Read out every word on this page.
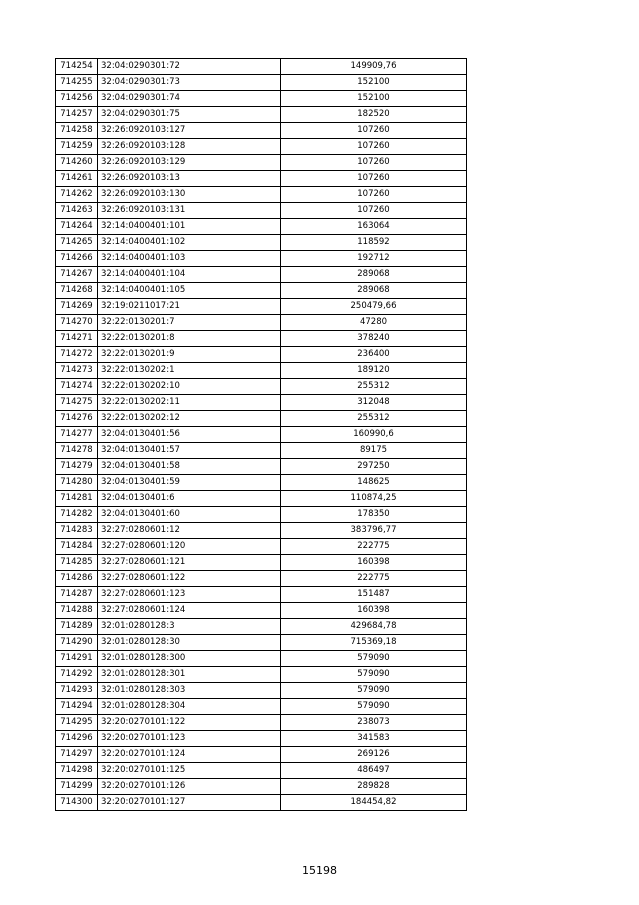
714254	32:04:0290301:72	149909,76
714255	32:04:0290301:73	152100
714256	32:04:0290301:74	152100
714257	32:04:0290301:75	182520
714258	32:26:0920103:127	107260
714259	32:26:0920103:128	107260
714260	32:26:0920103:129	107260
714261	32:26:0920103:13	107260
714262	32:26:0920103:130	107260
714263	32:26:0920103:131	107260
714264	32:14:0400401:101	163064
714265	32:14:0400401:102	118592
714266	32:14:0400401:103	192712
714267	32:14:0400401:104	289068
714268	32:14:0400401:105	289068
714269	32:19:0211017:21	250479,66
714270	32:22:0130201:7	47280
714271	32:22:0130201:8	378240
714272	32:22:0130201:9	236400
714273	32:22:0130202:1	189120
714274	32:22:0130202:10	255312
714275	32:22:0130202:11	312048
714276	32:22:0130202:12	255312
714277	32:04:0130401:56	160990,6
714278	32:04:0130401:57	89175
714279	32:04:0130401:58	297250
714280	32:04:0130401:59	148625
714281	32:04:0130401:6	110874,25
714282	32:04:0130401:60	178350
714283	32:27:0280601:12	383796,77
714284	32:27:0280601:120	222775
714285	32:27:0280601:121	160398
714286	32:27:0280601:122	222775
714287	32:27:0280601:123	151487
714288	32:27:0280601:124	160398
714289	32:01:0280128:3	429684,78
714290	32:01:0280128:30	715369,18
714291	32:01:0280128:300	579090
714292	32:01:0280128:301	579090
714293	32:01:0280128:303	579090
714294	32:01:0280128:304	579090
714295	32:20:0270101:122	238073
714296	32:20:0270101:123	341583
714297	32:20:0270101:124	269126
714298	32:20:0270101:125	486497
714299	32:20:0270101:126	289828
714300	32:20:0270101:127	184454,82
15198
